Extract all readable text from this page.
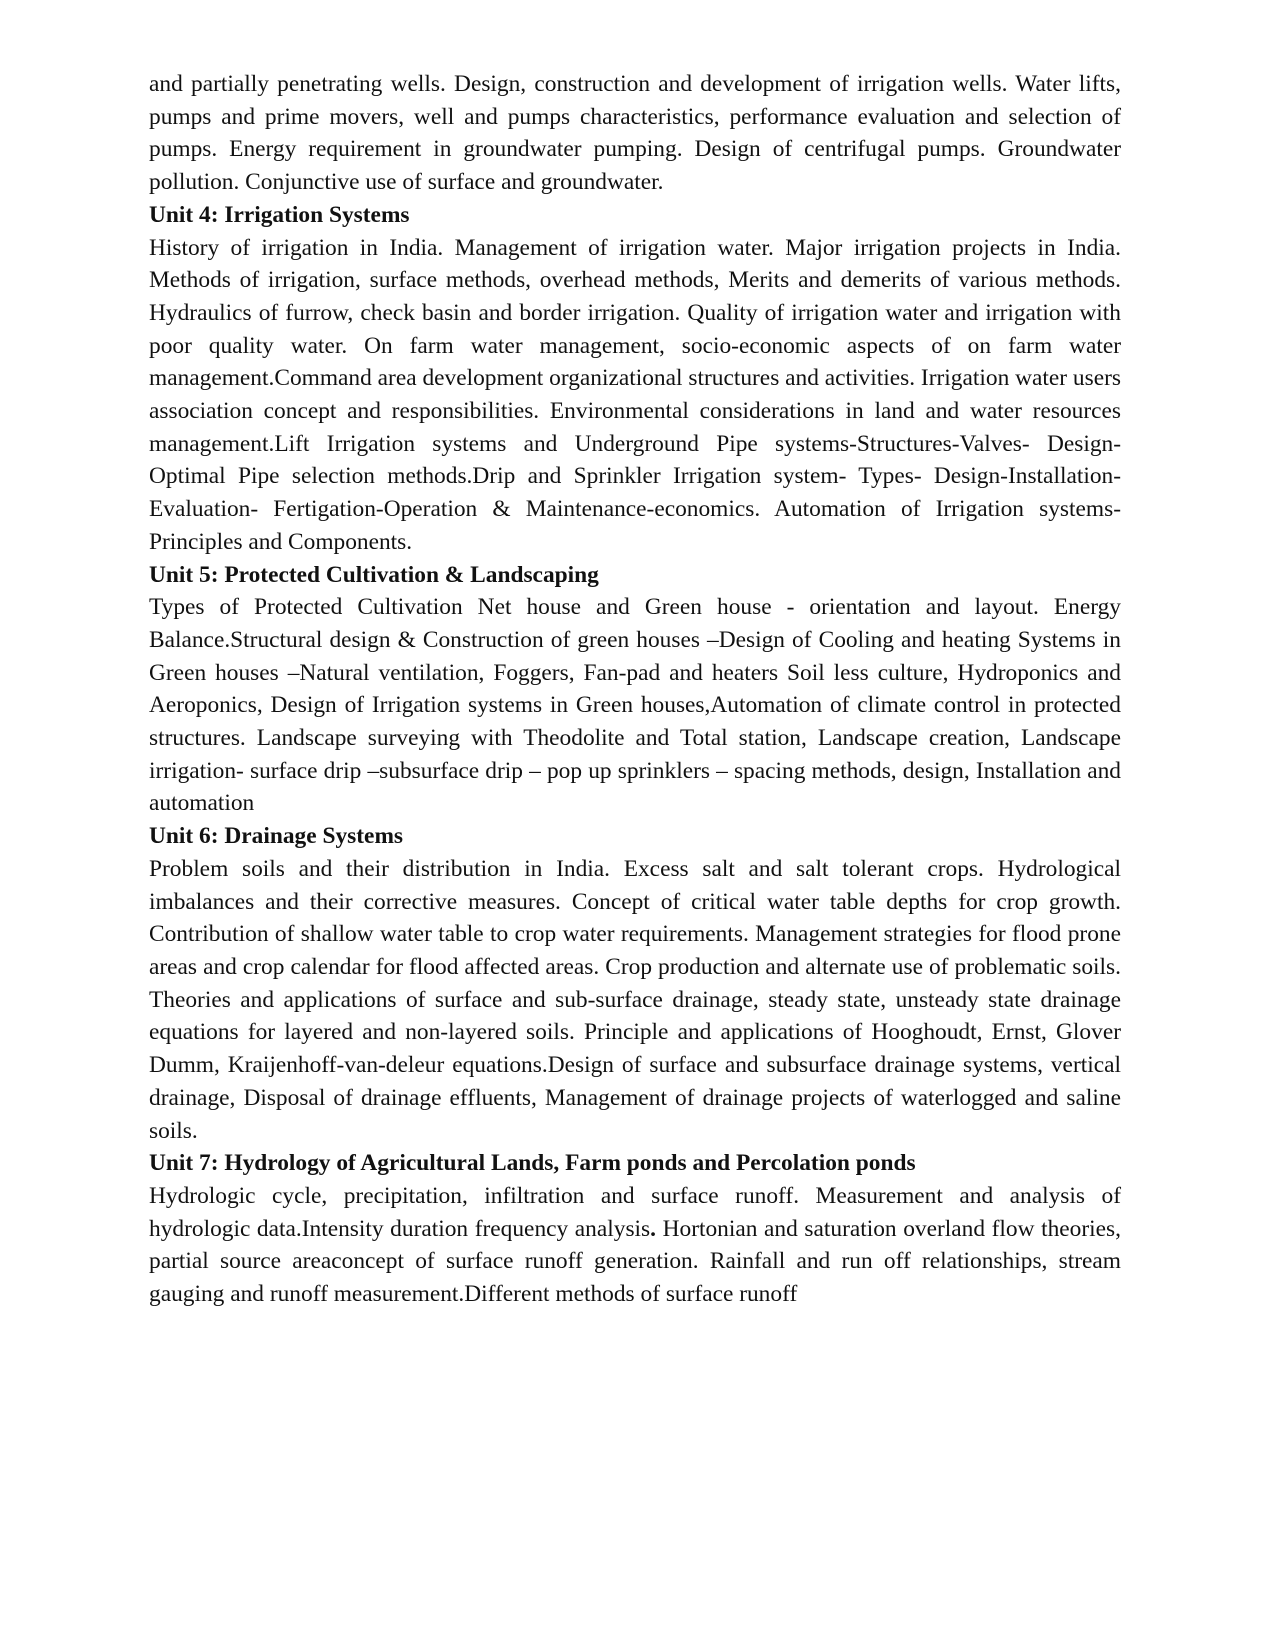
and partially penetrating wells. Design, construction and development of irrigation wells. Water lifts, pumps and prime movers, well and pumps characteristics, performance evaluation and selection of pumps. Energy requirement in groundwater pumping. Design of centrifugal pumps. Groundwater pollution. Conjunctive use of surface and groundwater.

Unit 4: Irrigation Systems

History of irrigation in India. Management of irrigation water. Major irrigation projects in India. Methods of irrigation, surface methods, overhead methods, Merits and demerits of various methods. Hydraulics of furrow, check basin and border irrigation. Quality of irrigation water and irrigation with poor quality water. On farm water management, socio-economic aspects of on farm water management.Command area development organizational structures and activities. Irrigation water users association concept and responsibilities. Environmental considerations in land and water resources management.Lift Irrigation systems and Underground Pipe systems-Structures-Valves- Design- Optimal Pipe selection methods.Drip and Sprinkler Irrigation system- Types- Design-Installation-Evaluation- Fertigation-Operation & Maintenance-economics. Automation of Irrigation systems-Principles and Components.

Unit 5: Protected Cultivation & Landscaping

Types of Protected Cultivation Net house and Green house - orientation and layout. Energy Balance.Structural design & Construction of green houses –Design of Cooling and heating Systems in Green houses –Natural ventilation, Foggers, Fan-pad and heaters Soil less culture, Hydroponics and Aeroponics, Design of Irrigation systems in Green houses,Automation of climate control in protected structures. Landscape surveying with Theodolite and Total station, Landscape creation, Landscape irrigation- surface drip –subsurface drip – pop up sprinklers – spacing methods, design, Installation and automation

Unit 6: Drainage Systems

Problem soils and their distribution in India. Excess salt and salt tolerant crops. Hydrological imbalances and their corrective measures. Concept of critical water table depths for crop growth. Contribution of shallow water table to crop water requirements. Management strategies for flood prone areas and crop calendar for flood affected areas. Crop production and alternate use of problematic soils. Theories and applications of surface and sub-surface drainage, steady state, unsteady state drainage equations for layered and non-layered soils. Principle and applications of Hooghoudt, Ernst, Glover Dumm, Kraijenhoff-van-deleur equations.Design of surface and subsurface drainage systems, vertical drainage, Disposal of drainage effluents, Management of drainage projects of waterlogged and saline soils.

Unit 7: Hydrology of Agricultural Lands, Farm ponds and Percolation ponds

Hydrologic cycle, precipitation, infiltration and surface runoff. Measurement and analysis of hydrologic data.Intensity duration frequency analysis. Hortonian and saturation overland flow theories, partial source areaconcept of surface runoff generation. Rainfall and run off relationships, stream gauging and runoff measurement.Different methods of surface runoff
